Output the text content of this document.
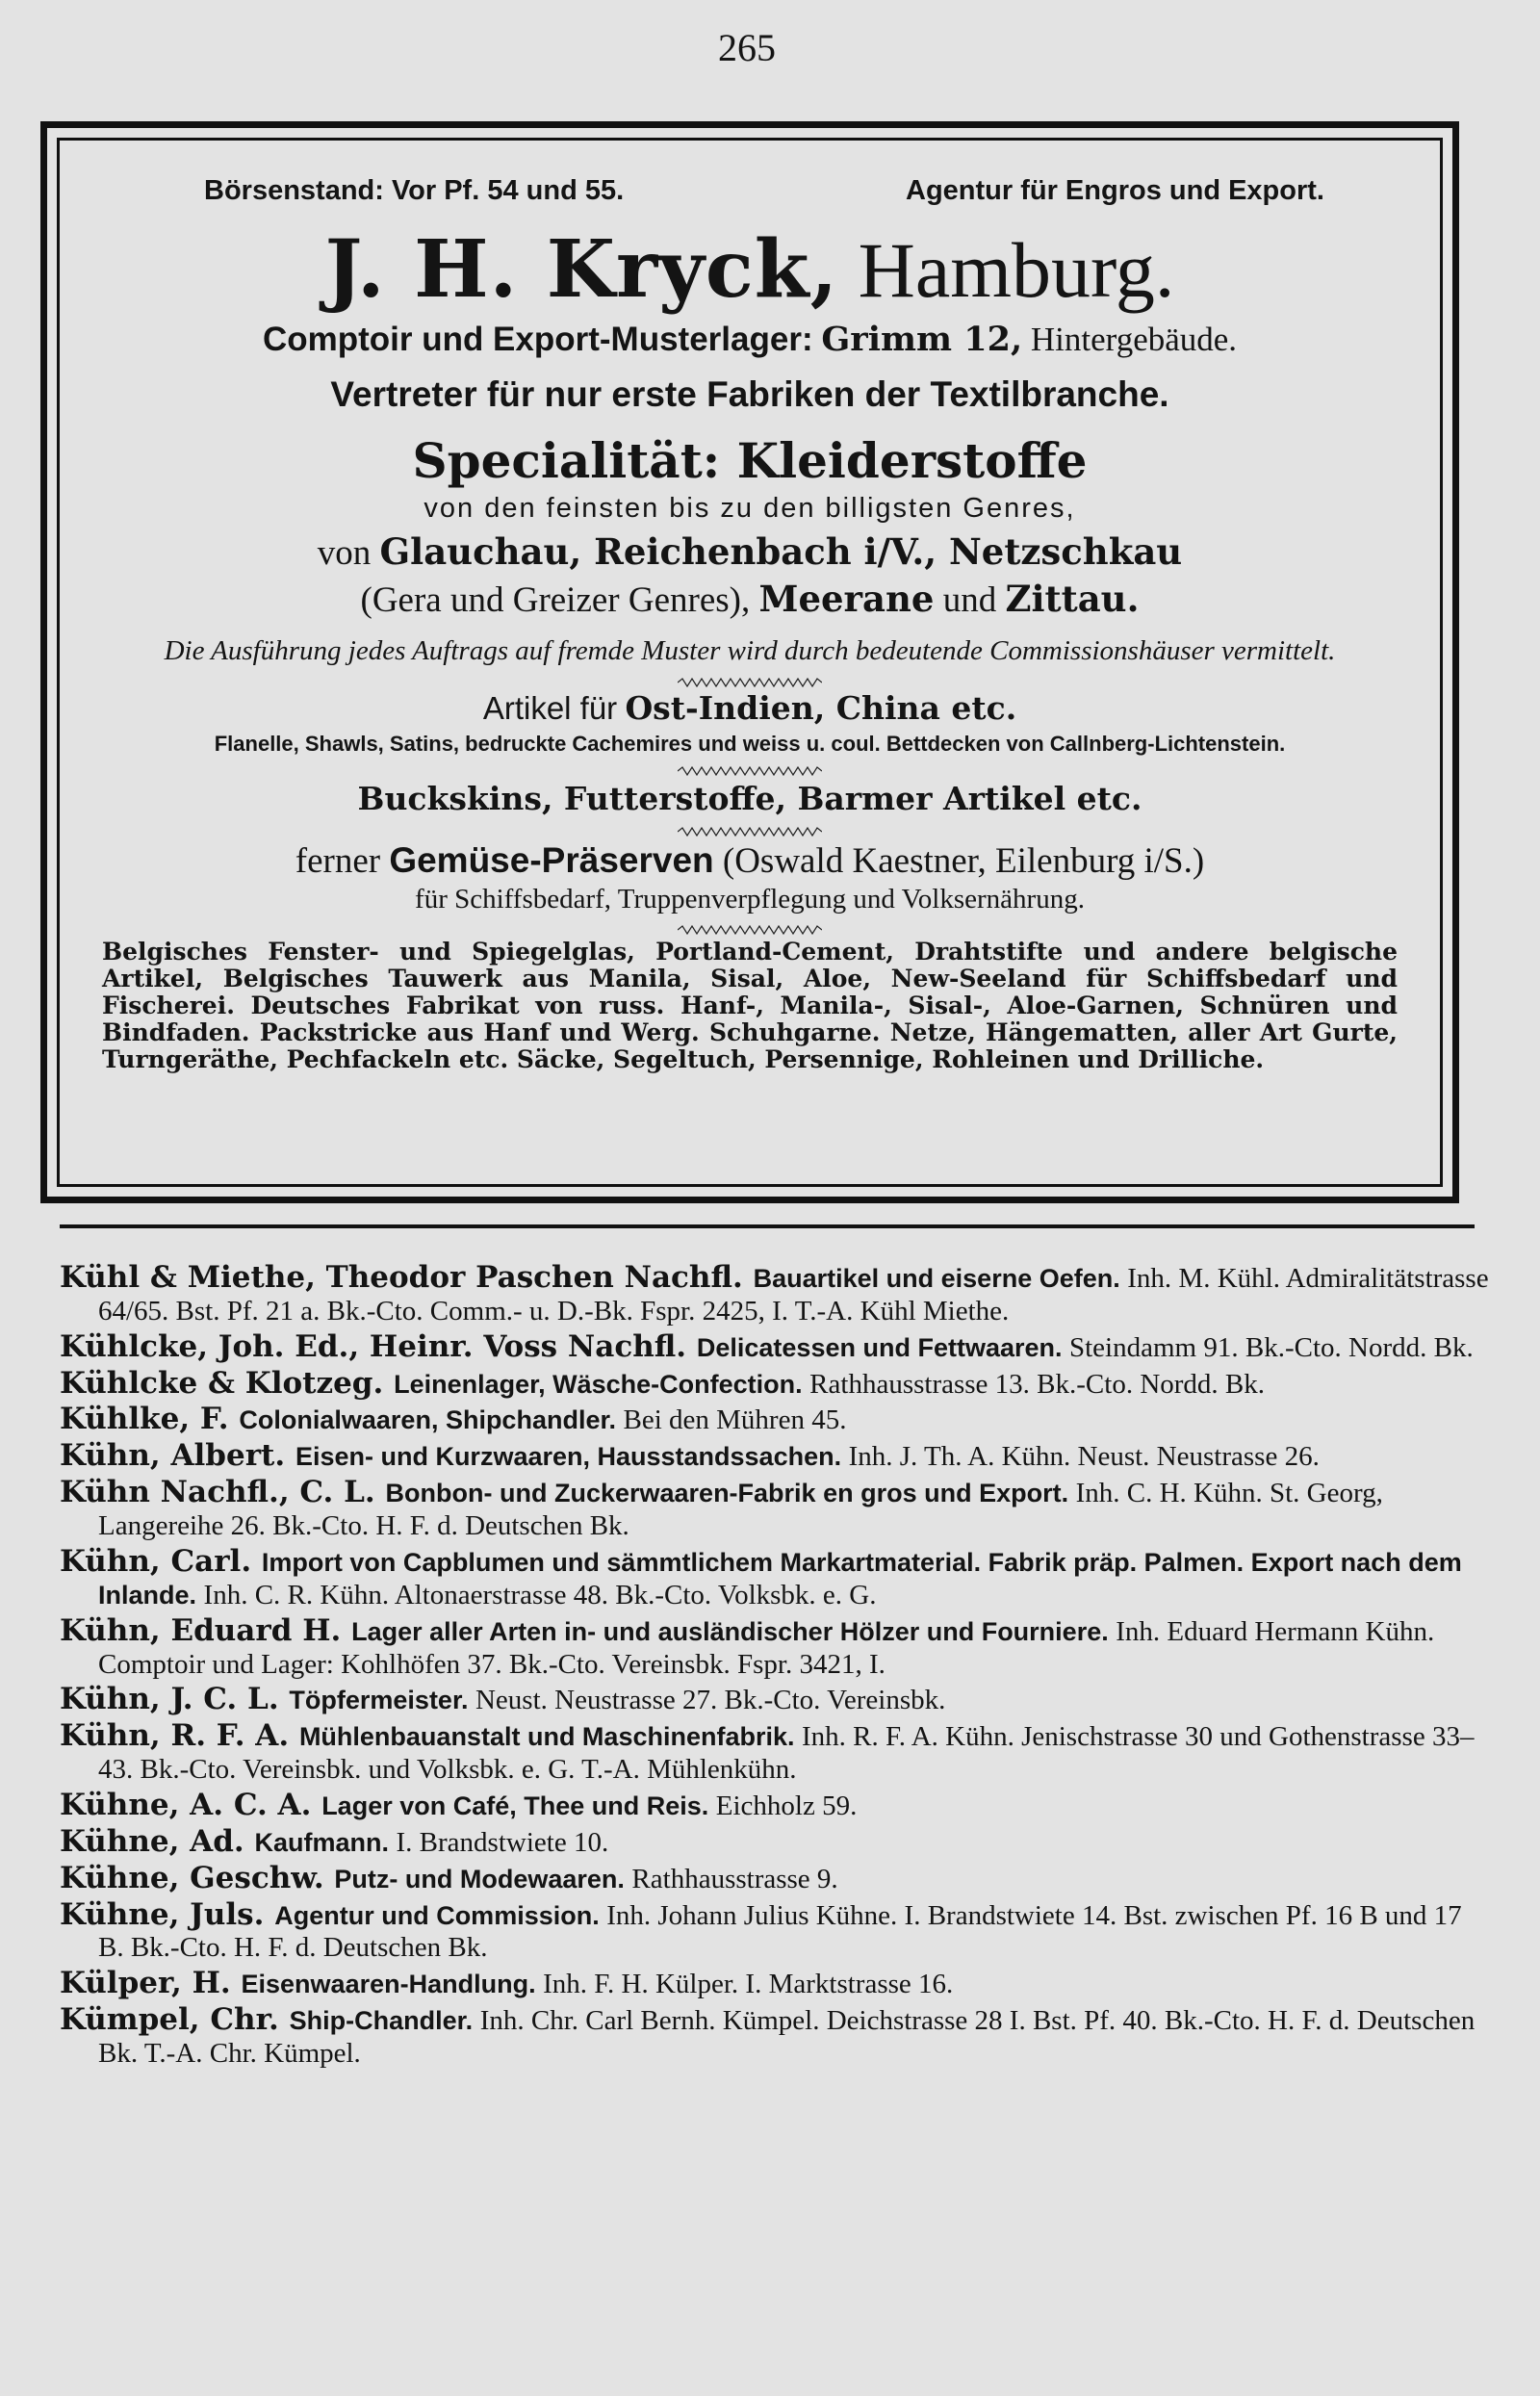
265
Börsenstand: Vor Pf. 54 und 55.	Agentur für Engros und Export.
J. H. Kryck, Hamburg.
Comptoir und Export-Musterlager: Grimm 12, Hintergebäude.
Vertreter für nur erste Fabriken der Textilbranche.
Specialität: Kleiderstoffe
von den feinsten bis zu den billigsten Genres,
von Glauchau, Reichenbach i/V., Netzschkau
(Gera und Greizer Genres), Meerane und Zittau.
Die Ausführung jedes Auftrags auf fremde Muster wird durch bedeutende Commissionshäuser vermittelt.
Artikel für Ost-Indien, China etc.
Flanelle, Shawls, Satins, bedruckte Cachemires und weiss u. coul. Bettdecken von Callnberg-Lichtenstein.
Buckskins, Futterstoffe, Barmer Artikel etc.
ferner Gemüse-Präserven (Oswald Kaestner, Eilenburg i/S.)
für Schiffsbedarf, Truppenverpflegung und Volksernährung.
Belgisches Fenster- und Spiegelglas, Portland-Cement, Drahtstifte und andere belgische Artikel, Belgisches Tauwerk aus Manila, Sisal, Aloe, New-Seeland für Schiffsbedarf und Fischerei. Deutsches Fabrikat von russ. Hanf-, Manila-, Sisal-, Aloe-Garnen, Schnüren und Bindfaden. Packstricke aus Hanf und Werg. Schuhgarne. Netze, Hängematten, aller Art Gurte, Turngeräthe, Pechfackeln etc. Säcke, Segeltuch, Persennige, Rohleinen und Drilliche.
Kühl & Miethe, Theodor Paschen Nachfl. Bauartikel und eiserne Oefen. Inh. M. Kühl. Admiralitätstrasse 64/65. Bst. Pf. 21 a. Bk.-Cto. Comm.- u. D.-Bk. Fspr. 2425, I. T.-A. Kühl Miethe.
Kühlcke, Joh. Ed., Heinr. Voss Nachfl. Delicatessen und Fettwaaren. Steindamm 91. Bk.-Cto. Nordd. Bk.
Kühlcke & Klotzeg. Leinenlager, Wäsche-Confection. Rathhausstrasse 13. Bk.-Cto. Nordd. Bk.
Kühlke, F. Colonialwaaren, Shipchandler. Bei den Mühren 45.
Kühn, Albert. Eisen- und Kurzwaaren, Hausstandssachen. Inh. J. Th. A. Kühn. Neust. Neustrasse 26.
Kühn Nachfl., C. L. Bonbon- und Zuckerwaaren-Fabrik en gros und Export. Inh. C. H. Kühn. St. Georg, Langereihe 26. Bk.-Cto. H. F. d. Deutschen Bk.
Kühn, Carl. Import von Capblumen und sämmtlichem Markartmaterial. Fabrik präp. Palmen. Export nach dem Inlande. Inh. C. R. Kühn. Altonaerstrasse 48. Bk.-Cto. Volksbk. e. G.
Kühn, Eduard H. Lager aller Arten in- und ausländischer Hölzer und Fourniere. Inh. Eduard Hermann Kühn. Comptoir und Lager: Kohlhöfen 37. Bk.-Cto. Vereinsbk. Fspr. 3421, I.
Kühn, J. C. L. Töpfermeister. Neust. Neustrasse 27. Bk.-Cto. Vereinsbk.
Kühn, R. F. A. Mühlenbauanstalt und Maschinenfabrik. Inh. R. F. A. Kühn. Jenischstrasse 30 und Gothenstrasse 33–43. Bk.-Cto. Vereinsbk. und Volksbk. e. G. T.-A. Mühlenkühn.
Kühne, A. C. A. Lager von Café, Thee und Reis. Eichholz 59.
Kühne, Ad. Kaufmann. I. Brandstwiete 10.
Kühne, Geschw. Putz- und Modewaaren. Rathhausstrasse 9.
Kühne, Juls. Agentur und Commission. Inh. Johann Julius Kühne. I. Brandstwiete 14. Bst. zwischen Pf. 16 B und 17 B. Bk.-Cto. H. F. d. Deutschen Bk.
Külper, H. Eisenwaaren-Handlung. Inh. F. H. Külper. I. Marktstrasse 16.
Kümpel, Chr. Ship-Chandler. Inh. Chr. Carl Bernh. Kümpel. Deichstrasse 28 I. Bst. Pf. 40. Bk.-Cto. H. F. d. Deutschen Bk. T.-A. Chr. Kümpel.
